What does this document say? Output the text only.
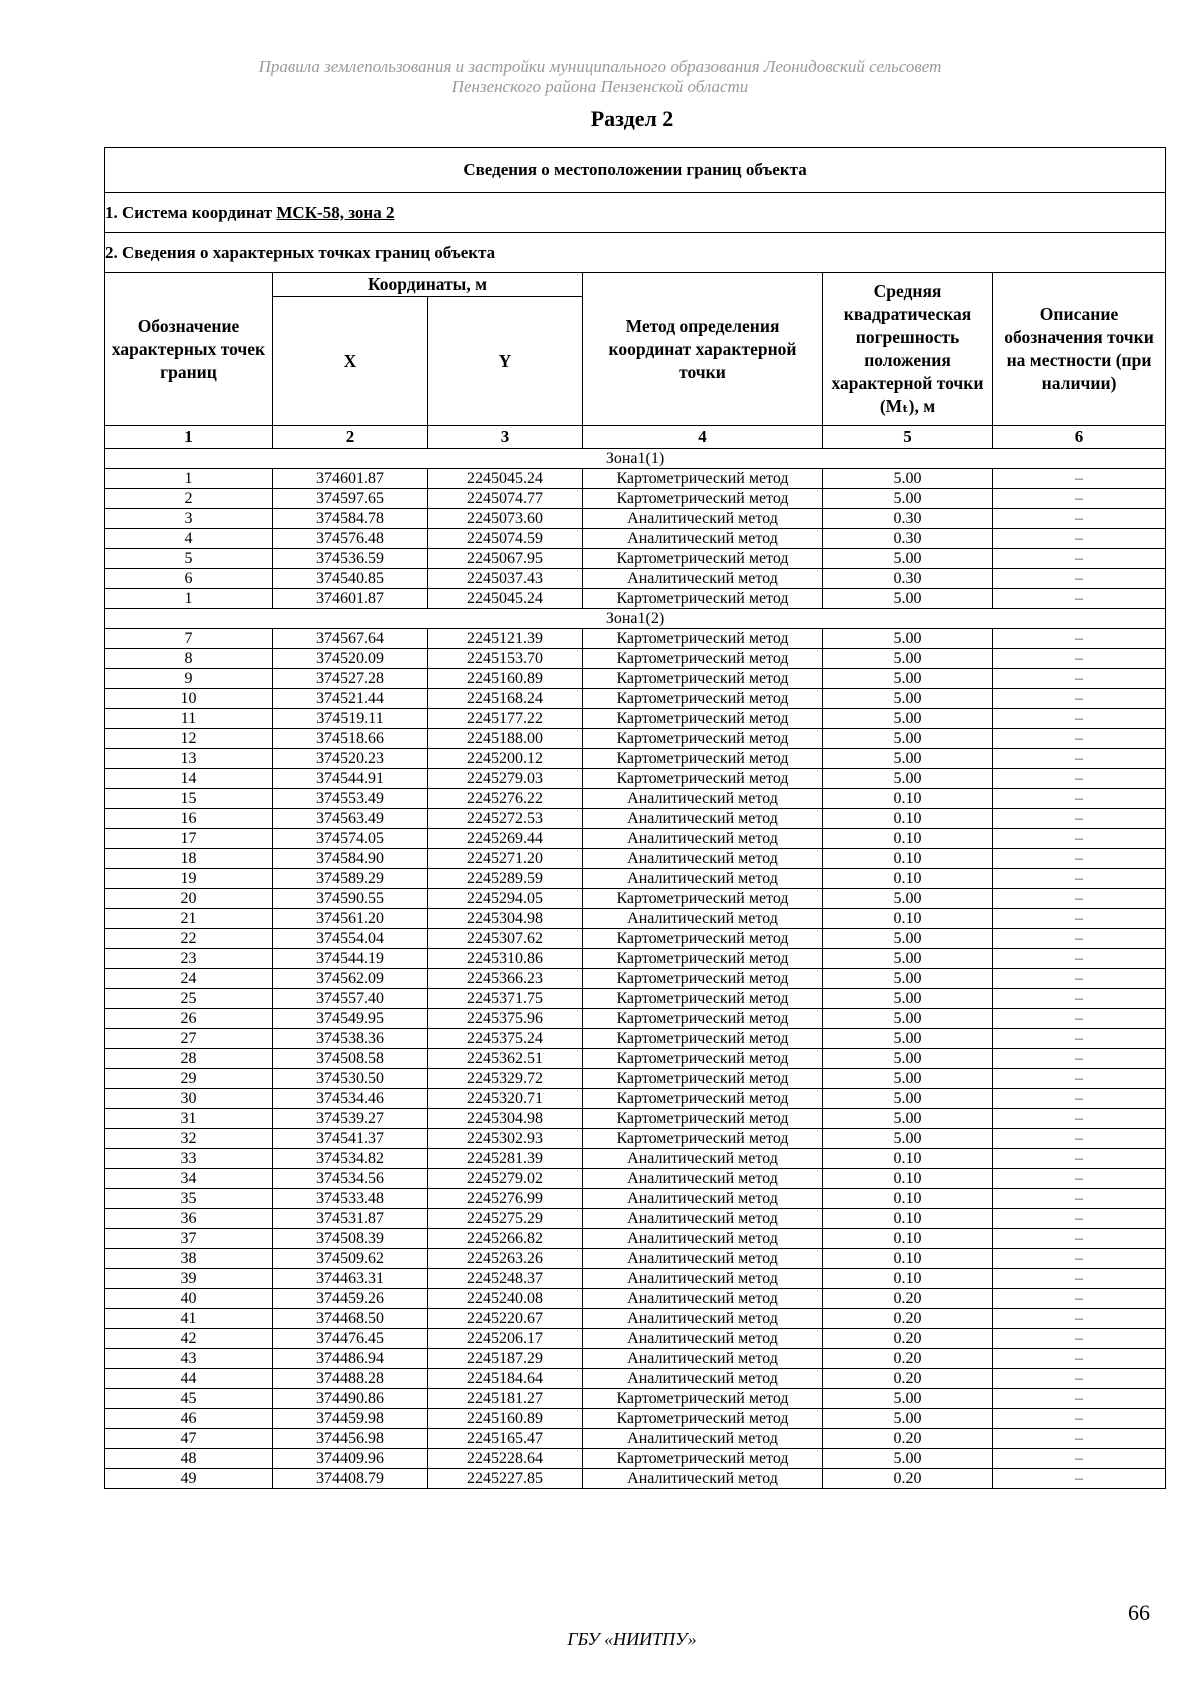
Правила землепользования и застройки муниципального образования Леонидовский сельсовет
Пензенского района Пензенской области
Раздел 2
Сведения о местоположении границ объекта					
1. Система координат МСК-58, зона 2					
2. Сведения о характерных точках границ объекта					
Обозначение характерных точек границ	Координаты, м		Метод определения координат характерной точки	Средняя квадратическая погрешность положения характерной точки (Mₜ), м	Описание обозначения точки на местности (при наличии)
	X	Y			
1	2	3	4	5	6
Зона1(1)					
1	374601.87	2245045.24	Картометрический метод	5.00	–
2	374597.65	2245074.77	Картометрический метод	5.00	–
3	374584.78	2245073.60	Аналитический метод	0.30	–
4	374576.48	2245074.59	Аналитический метод	0.30	–
5	374536.59	2245067.95	Картометрический метод	5.00	–
6	374540.85	2245037.43	Аналитический метод	0.30	–
1	374601.87	2245045.24	Картометрический метод	5.00	–
Зона1(2)					
7	374567.64	2245121.39	Картометрический метод	5.00	–
8	374520.09	2245153.70	Картометрический метод	5.00	–
9	374527.28	2245160.89	Картометрический метод	5.00	–
10	374521.44	2245168.24	Картометрический метод	5.00	–
11	374519.11	2245177.22	Картометрический метод	5.00	–
12	374518.66	2245188.00	Картометрический метод	5.00	–
13	374520.23	2245200.12	Картометрический метод	5.00	–
14	374544.91	2245279.03	Картометрический метод	5.00	–
15	374553.49	2245276.22	Аналитический метод	0.10	–
16	374563.49	2245272.53	Аналитический метод	0.10	–
17	374574.05	2245269.44	Аналитический метод	0.10	–
18	374584.90	2245271.20	Аналитический метод	0.10	–
19	374589.29	2245289.59	Аналитический метод	0.10	–
20	374590.55	2245294.05	Картометрический метод	5.00	–
21	374561.20	2245304.98	Аналитический метод	0.10	–
22	374554.04	2245307.62	Картометрический метод	5.00	–
23	374544.19	2245310.86	Картометрический метод	5.00	–
24	374562.09	2245366.23	Картометрический метод	5.00	–
25	374557.40	2245371.75	Картометрический метод	5.00	–
26	374549.95	2245375.96	Картометрический метод	5.00	–
27	374538.36	2245375.24	Картометрический метод	5.00	–
28	374508.58	2245362.51	Картометрический метод	5.00	–
29	374530.50	2245329.72	Картометрический метод	5.00	–
30	374534.46	2245320.71	Картометрический метод	5.00	–
31	374539.27	2245304.98	Картометрический метод	5.00	–
32	374541.37	2245302.93	Картометрический метод	5.00	–
33	374534.82	2245281.39	Аналитический метод	0.10	–
34	374534.56	2245279.02	Аналитический метод	0.10	–
35	374533.48	2245276.99	Аналитический метод	0.10	–
36	374531.87	2245275.29	Аналитический метод	0.10	–
37	374508.39	2245266.82	Аналитический метод	0.10	–
38	374509.62	2245263.26	Аналитический метод	0.10	–
39	374463.31	2245248.37	Аналитический метод	0.10	–
40	374459.26	2245240.08	Аналитический метод	0.20	–
41	374468.50	2245220.67	Аналитический метод	0.20	–
42	374476.45	2245206.17	Аналитический метод	0.20	–
43	374486.94	2245187.29	Аналитический метод	0.20	–
44	374488.28	2245184.64	Аналитический метод	0.20	–
45	374490.86	2245181.27	Картометрический метод	5.00	–
46	374459.98	2245160.89	Картометрический метод	5.00	–
47	374456.98	2245165.47	Аналитический метод	0.20	–
48	374409.96	2245228.64	Картометрический метод	5.00	–
49	374408.79	2245227.85	Аналитический метод	0.20	–
66
ГБУ «НИИТПУ»
